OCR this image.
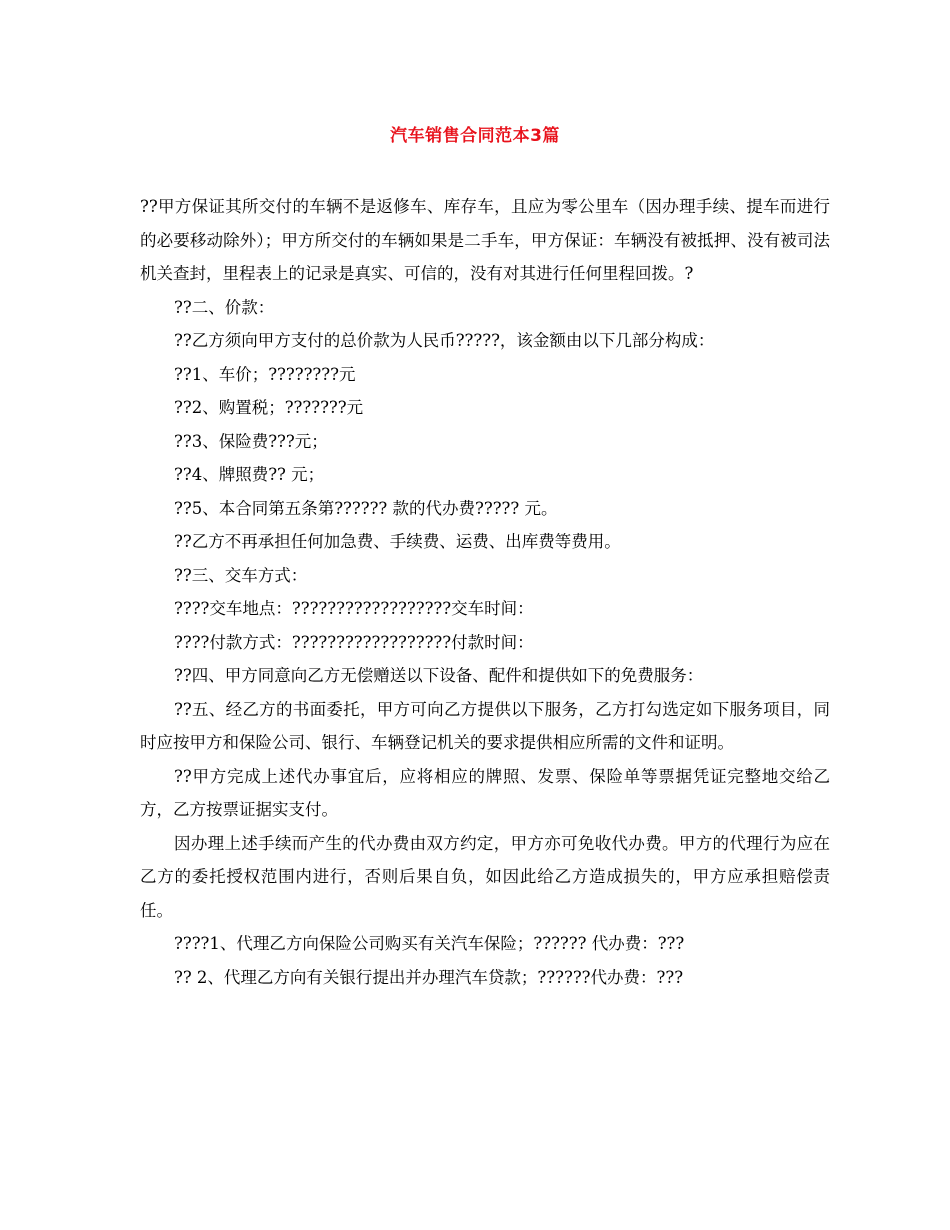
汽车销售合同范本3篇

??甲方保证其所交付的车辆不是返修车、库存车，且应为零公里车（因办理手续、提车而进行的必要移动除外）；甲方所交付的车辆如果是二手车，甲方保证：车辆没有被抵押、没有被司法机关查封，里程表上的记录是真实、可信的，没有对其进行任何里程回拨。?

??二、价款：

??乙方须向甲方支付的总价款为人民币?????，该金额由以下几部分构成：

??1、车价；????????元

??2、购置税；???????元

??3、保险费???元；

??4、牌照费?? 元；

??5、本合同第五条第?????? 款的代办费????? 元。

??乙方不再承担任何加急费、手续费、运费、出库费等费用。

??三、交车方式：

????交车地点：??????????????????交车时间：

????付款方式：??????????????????付款时间：

??四、甲方同意向乙方无偿赠送以下设备、配件和提供如下的免费服务：

??五、经乙方的书面委托，甲方可向乙方提供以下服务，乙方打勾选定如下服务项目，同时应按甲方和保险公司、银行、车辆登记机关的要求提供相应所需的文件和证明。

??甲方完成上述代办事宜后，应将相应的牌照、发票、保险单等票据凭证完整地交给乙方，乙方按票证据实支付。

因办理上述手续而产生的代办费由双方约定，甲方亦可免收代办费。甲方的代理行为应在乙方的委托授权范围内进行，否则后果自负，如因此给乙方造成损失的，甲方应承担赔偿责任。

????1、代理乙方向保险公司购买有关汽车保险；?????? 代办费：???

?? 2、代理乙方向有关银行提出并办理汽车贷款；??????代办费：???
